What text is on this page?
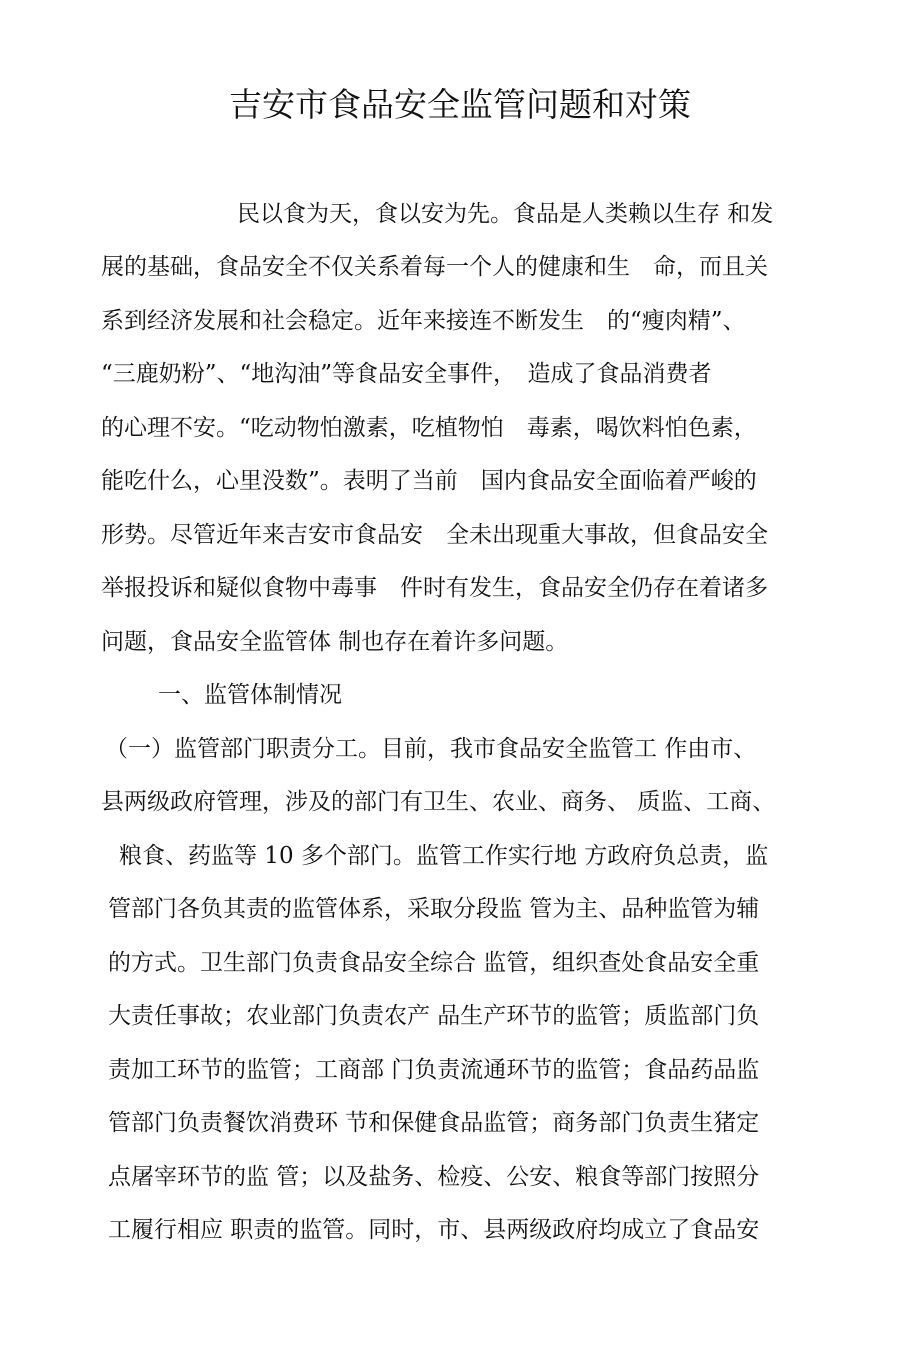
吉安市食品安全监管问题和对策
民以食为天，食以安为先。食品是人类赖以生存 和发
展的基础，食品安全不仅关系着每一个人的健康和生　命，而且关
系到经济发展和社会稳定。近年来接连不断发生　的“瘦肉精”、
“三鹿奶粉”、“地沟油”等食品安全事件，　造成了食品消费者
的心理不安。“吃动物怕激素，吃植物怕　毒素，喝饮料怕色素，
能吃什么，心里没数”。表明了当前　国内食品安全面临着严峻的
形势。尽管近年来吉安市食品安　全未出现重大事故，但食品安全
举报投诉和疑似食物中毒事　件时有发生，食品安全仍存在着诸多
问题，食品安全监管体 制也存在着许多问题。
一、监管体制情况
（一）监管部门职责分工。目前，我市食品安全监管工 作由市、
县两级政府管理，涉及的部门有卫生、农业、商务、 质监、工商、
粮食、药监等 10 多个部门。监管工作实行地 方政府负总责，监
管部门各负其责的监管体系，采取分段监 管为主、品种监管为辅
的方式。卫生部门负责食品安全综合 监管，组织查处食品安全重
大责任事故；农业部门负责农产 品生产环节的监管；质监部门负
责加工环节的监管；工商部 门负责流通环节的监管；食品药品监
管部门负责餐饮消费环 节和保健食品监管；商务部门负责生猪定
点屠宰环节的监 管；以及盐务、检疫、公安、粮食等部门按照分
工履行相应 职责的监管。同时，市、县两级政府均成立了食品安
